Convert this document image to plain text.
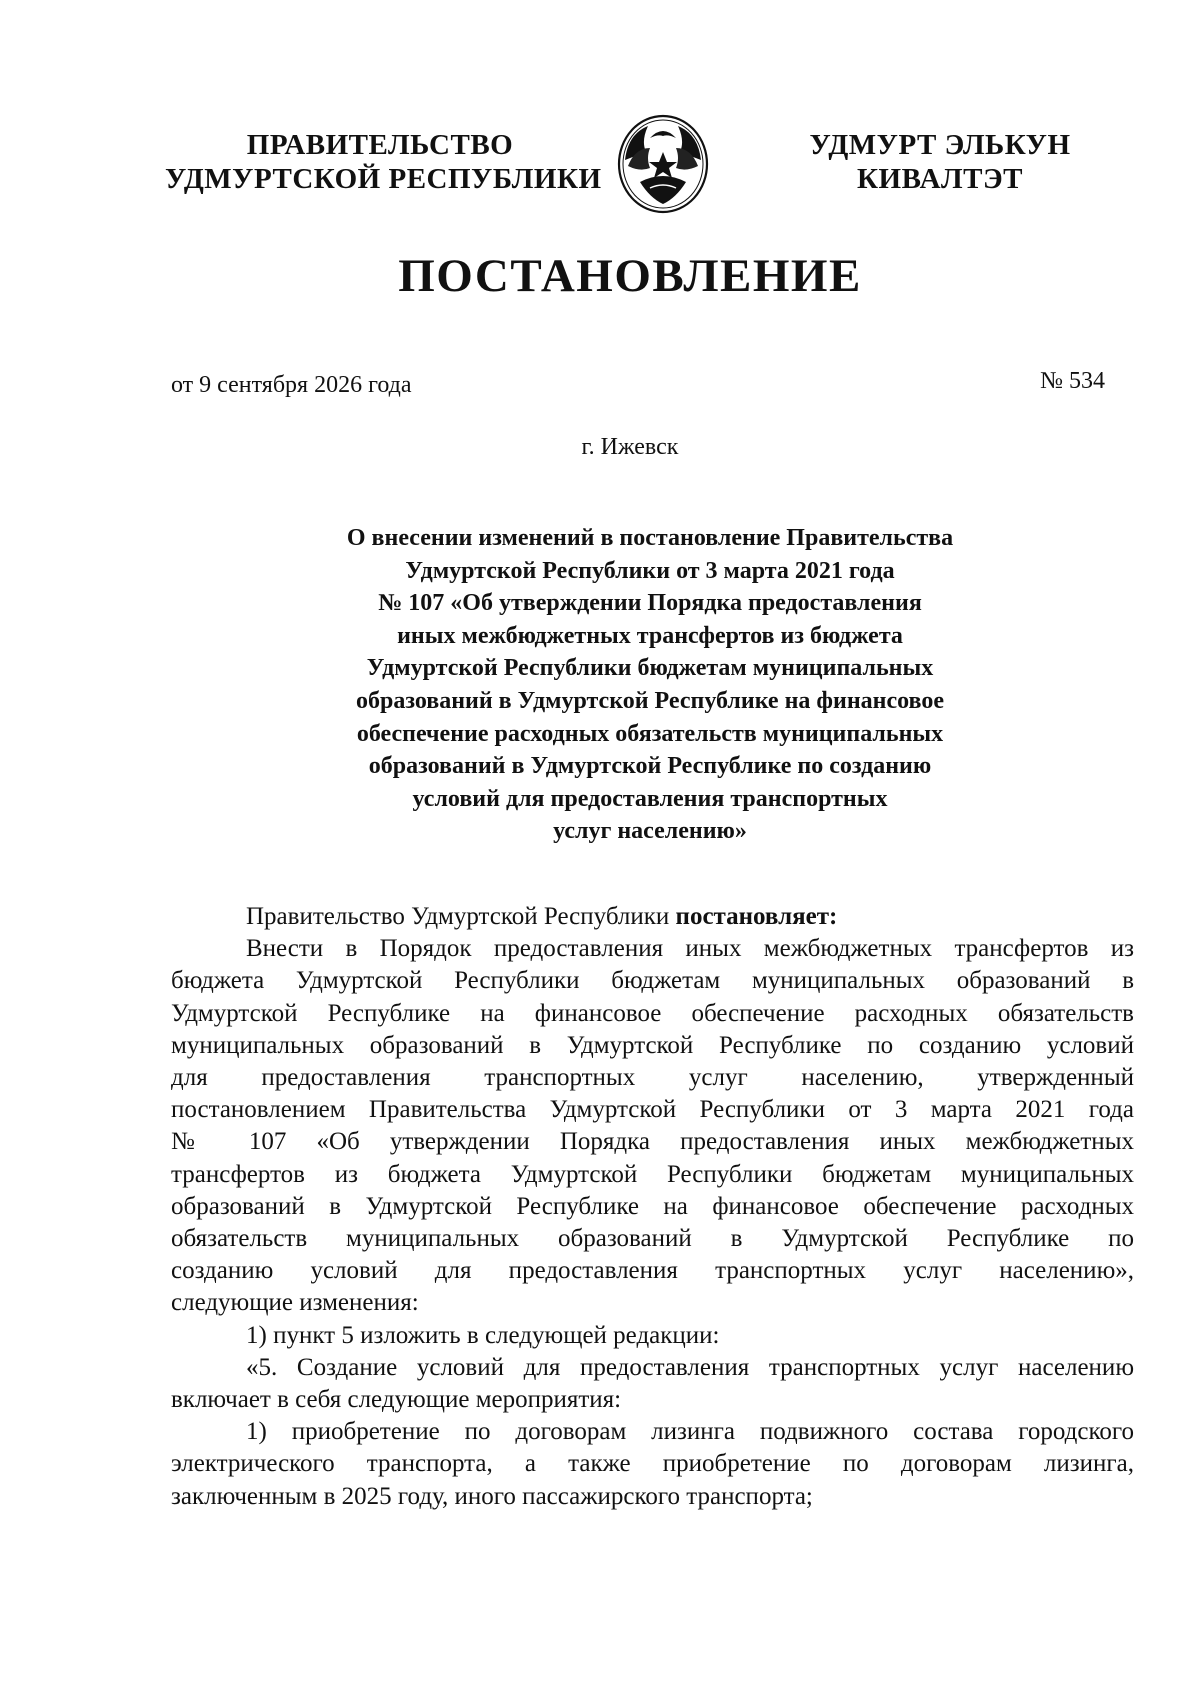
ПРАВИТЕЛЬСТВО
УДМУРТСКОЙ РЕСПУБЛИКИ
УДМУРТ ЭЛЬКУН
КИВАЛТЭТ
ПОСТАНОВЛЕНИЕ
от 9 сентября 2026 года	№ 534
г. Ижевск
О внесении изменений в постановление Правительства
Удмуртской Республики от 3 марта 2021 года
№ 107 «Об утверждении Порядка предоставления
иных межбюджетных трансфертов из бюджета
Удмуртской Республики бюджетам муниципальных
образований в Удмуртской Республике на финансовое
обеспечение расходных обязательств муниципальных
образований в Удмуртской Республике по созданию
условий для предоставления транспортных
услуг населению»
Правительство Удмуртской Республики постановляет:
Внести в Порядок предоставления иных межбюджетных трансфертов из
бюджета Удмуртской Республики бюджетам муниципальных образований в
Удмуртской Республике на финансовое обеспечение расходных обязательств
муниципальных образований в Удмуртской Республике по созданию условий
для предоставления транспортных услуг населению, утвержденный
постановлением Правительства Удмуртской Республики от 3 марта 2021 года
№ 107 «Об утверждении Порядка предоставления иных межбюджетных
трансфертов из бюджета Удмуртской Республики бюджетам муниципальных
образований в Удмуртской Республике на финансовое обеспечение расходных
обязательств муниципальных образований в Удмуртской Республике по
созданию условий для предоставления транспортных услуг населению»,
следующие изменения:
1) пункт 5 изложить в следующей редакции:
«5. Создание условий для предоставления транспортных услуг населению
включает в себя следующие мероприятия:
1) приобретение по договорам лизинга подвижного состава городского
электрического транспорта, а также приобретение по договорам лизинга,
заключенным в 2025 году, иного пассажирского транспорта;
